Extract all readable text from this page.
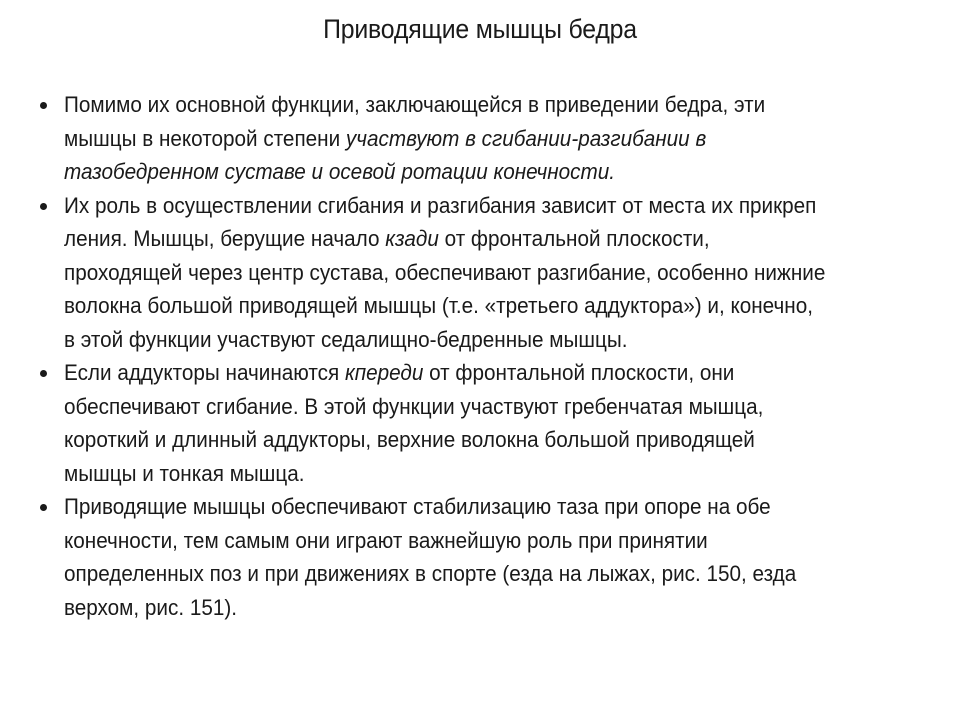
Приводящие мышцы бедра
Помимо их основной функции, заключающейся в приведении бедра, эти
мышцы в некоторой степени участвуют в сгибании-разгибании в
тазобедренном суставе и осевой ротации конечности.
Их роль в осуществлении сгибания и разгибания зависит от места их прикреп
ления. Мышцы, берущие начало кзади от фронтальной плоскости,
проходящей через центр сустава, обеспечивают разгибание, особенно нижние
волокна большой приводящей мышцы (т.е. «третьего аддуктора») и, конечно,
в этой функции участвуют седалищно-бедренные мышцы.
Если аддукторы начинаются кпереди от фронтальной плоскости, они
обеспечивают сгибание. В этой функции участвуют гребенчатая мышца,
короткий и длинный аддукторы, верхние волокна большой приводящей
мышцы и тонкая мышца.
Приводящие мышцы обеспечивают стабилизацию таза при опоре на обе
конечности, тем самым они играют важнейшую роль при принятии
определенных поз и при движениях в спорте (езда на лыжах, рис. 150, езда
верхом, рис. 151).
